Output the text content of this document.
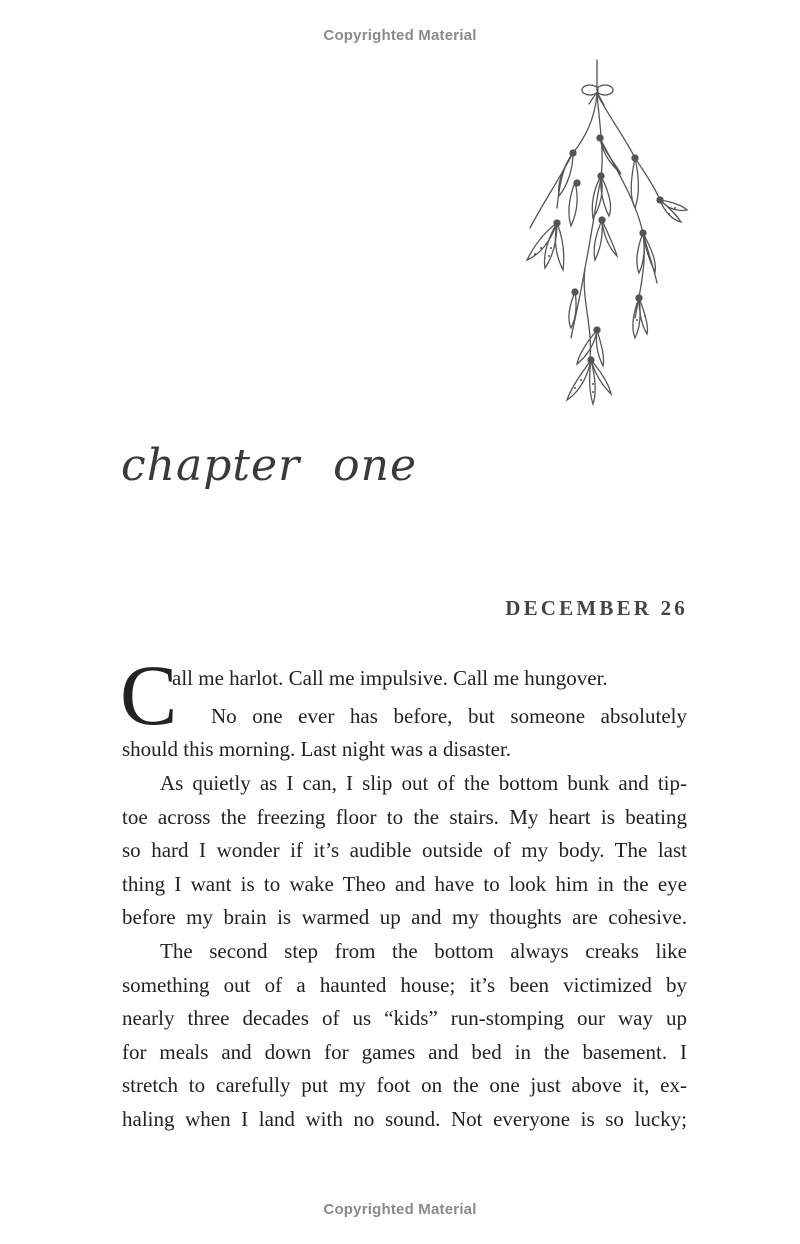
Copyrighted Material
chapter one
DECEMBER 26
C
all me harlot. Call me impulsive. Call me hungover.
No one ever has before, but someone absolutely
should this morning. Last night was a disaster.
As quietly as I can, I slip out of the bottom bunk and tip-
toe across the freezing floor to the stairs. My heart is beating
so hard I wonder if it’s audible outside of my body. The last
thing I want is to wake Theo and have to look him in the eye
before my brain is warmed up and my thoughts are cohesive.
The second step from the bottom always creaks like
something out of a haunted house; it’s been victimized by
nearly three decades of us “kids” run-stomping our way up
for meals and down for games and bed in the basement. I
stretch to carefully put my foot on the one just above it, ex-
haling when I land with no sound. Not everyone is so lucky;
Copyrighted Material
